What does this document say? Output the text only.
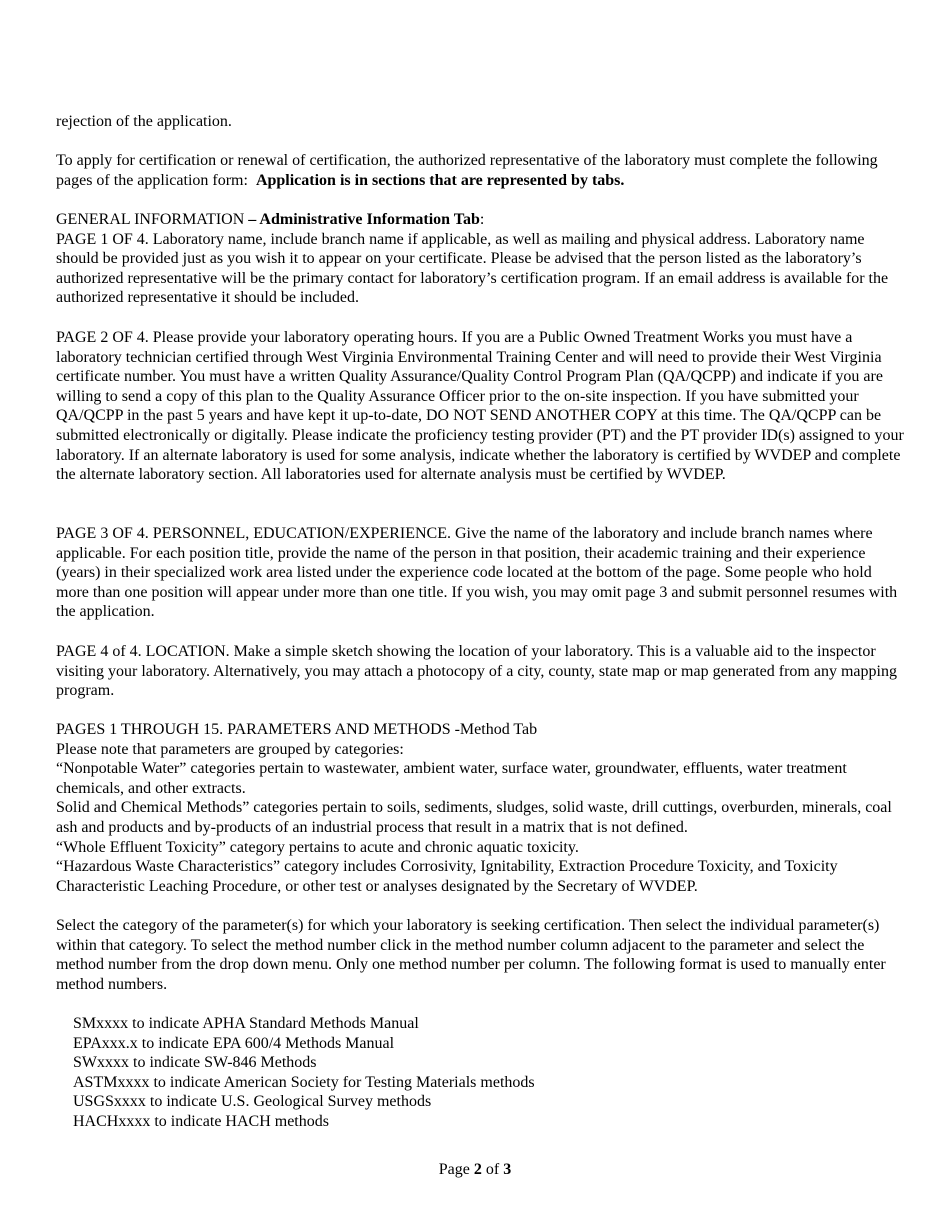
rejection of the application.

To apply for certification or renewal of certification, the authorized representative of the laboratory must complete the following pages of the application form: Application is in sections that are represented by tabs.

GENERAL INFORMATION – Administrative Information Tab:

PAGE 1 OF 4. Laboratory name, include branch name if applicable, as well as mailing and physical address. Laboratory name should be provided just as you wish it to appear on your certificate. Please be advised that the person listed as the laboratory’s authorized representative will be the primary contact for laboratory’s certification program. If an email address is available for the authorized representative it should be included.

PAGE 2 OF 4. Please provide your laboratory operating hours. If you are a Public Owned Treatment Works you must have a laboratory technician certified through West Virginia Environmental Training Center and will need to provide their West Virginia certificate number. You must have a written Quality Assurance/Quality Control Program Plan (QA/QCPP) and indicate if you are willing to send a copy of this plan to the Quality Assurance Officer prior to the on-site inspection. If you have submitted your QA/QCPP in the past 5 years and have kept it up-to-date, DO NOT SEND ANOTHER COPY at this time. The QA/QCPP can be submitted electronically or digitally. Please indicate the proficiency testing provider (PT) and the PT provider ID(s) assigned to your laboratory. If an alternate laboratory is used for some analysis, indicate whether the laboratory is certified by WVDEP and complete the alternate laboratory section. All laboratories used for alternate analysis must be certified by WVDEP.

PAGE 3 OF 4. PERSONNEL, EDUCATION/EXPERIENCE. Give the name of the laboratory and include branch names where applicable. For each position title, provide the name of the person in that position, their academic training and their experience (years) in their specialized work area listed under the experience code located at the bottom of the page. Some people who hold more than one position will appear under more than one title. If you wish, you may omit page 3 and submit personnel resumes with the application.

PAGE 4 of 4. LOCATION. Make a simple sketch showing the location of your laboratory. This is a valuable aid to the inspector visiting your laboratory. Alternatively, you may attach a photocopy of a city, county, state map or map generated from any mapping program.

PAGES 1 THROUGH 15. PARAMETERS AND METHODS -Method Tab

Please note that parameters are grouped by categories:

“Nonpotable Water” categories pertain to wastewater, ambient water, surface water, groundwater, effluents, water treatment chemicals, and other extracts.

Solid and Chemical Methods” categories pertain to soils, sediments, sludges, solid waste, drill cuttings, overburden, minerals, coal ash and products and by-products of an industrial process that result in a matrix that is not defined.

“Whole Effluent Toxicity” category pertains to acute and chronic aquatic toxicity.

“Hazardous Waste Characteristics” category includes Corrosivity, Ignitability, Extraction Procedure Toxicity, and Toxicity Characteristic Leaching Procedure, or other test or analyses designated by the Secretary of WVDEP.

Select the category of the parameter(s) for which your laboratory is seeking certification. Then select the individual parameter(s) within that category. To select the method number click in the method number column adjacent to the parameter and select the method number from the drop down menu. Only one method number per column. The following format is used to manually enter method numbers.

SMxxxx to indicate APHA Standard Methods Manual

EPAxxx.x to indicate EPA 600/4 Methods Manual

SWxxxx to indicate SW-846 Methods

ASTMxxxx to indicate American Society for Testing Materials methods

USGSxxxx to indicate U.S. Geological Survey methods

HACHxxxx to indicate HACH methods

Page 2 of 3
